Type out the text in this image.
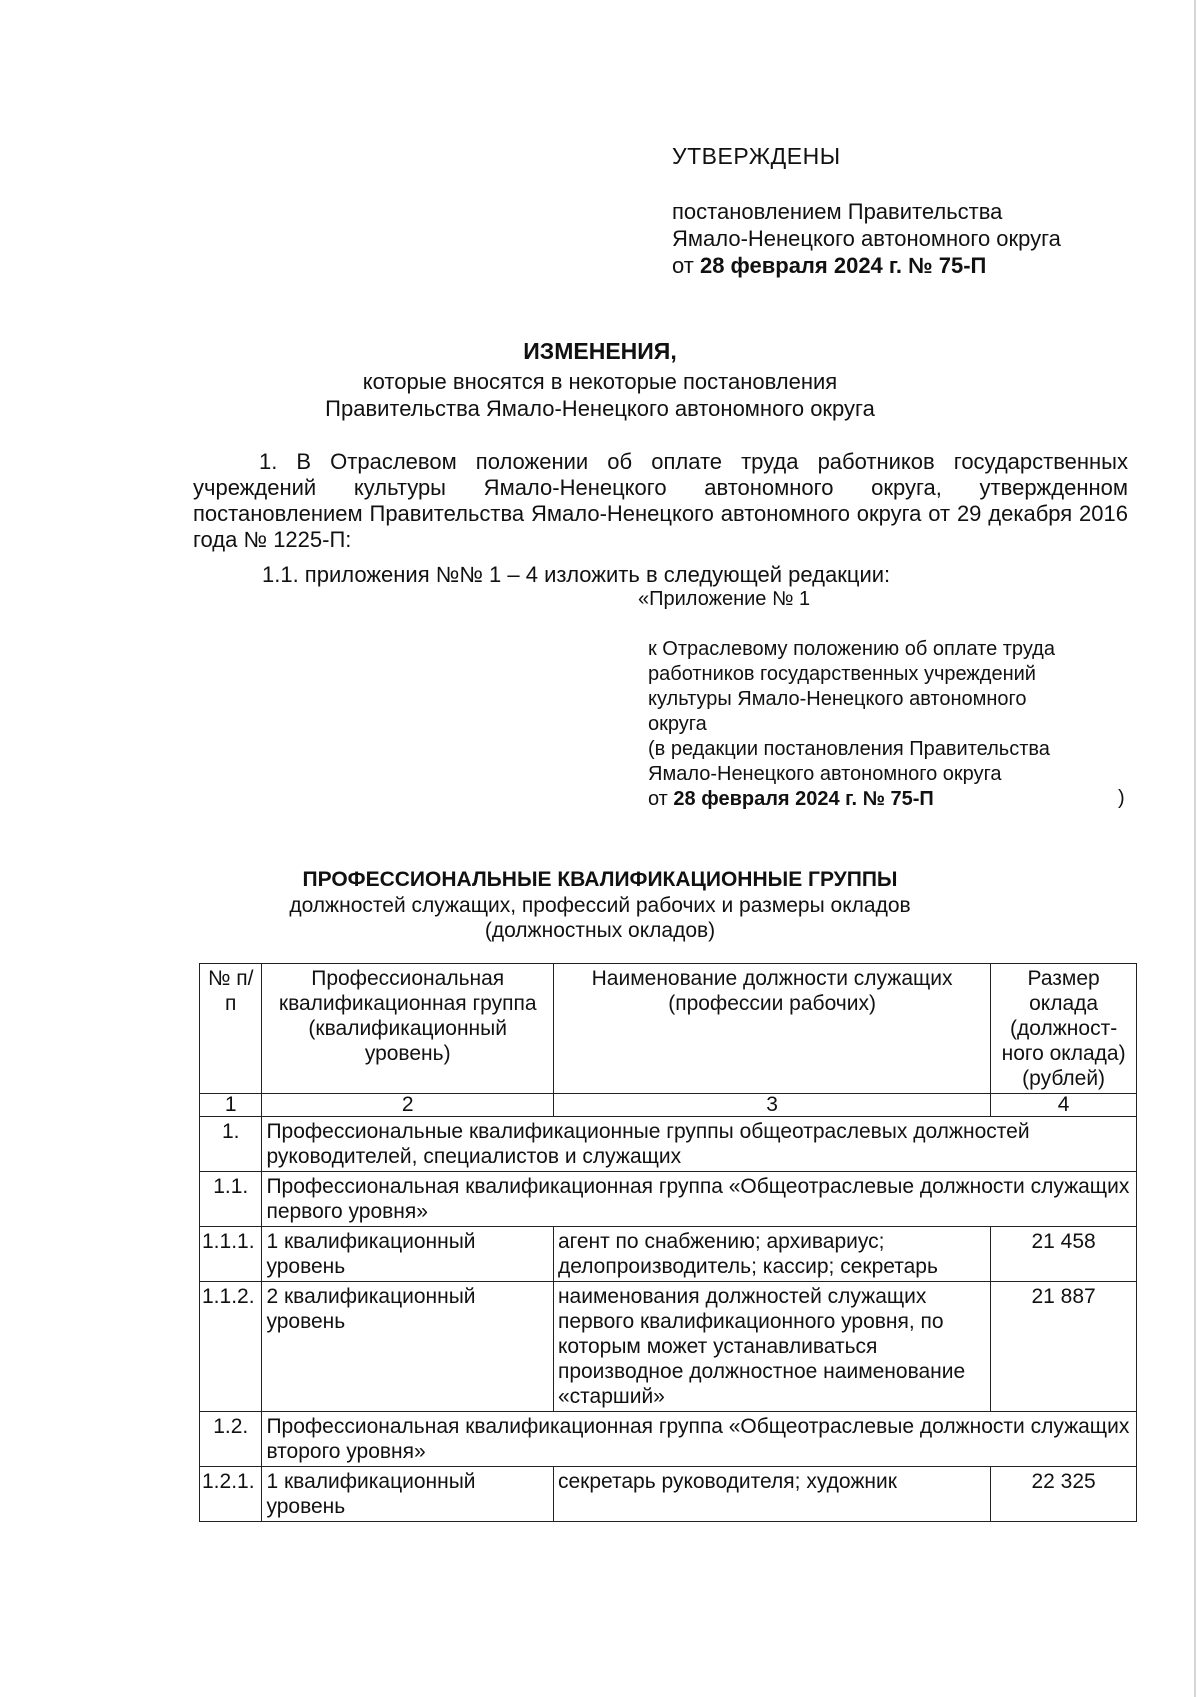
УТВЕРЖДЕНЫ
постановлением Правительства
Ямало-Ненецкого автономного округа
от 28 февраля 2024 г. № 75-П
ИЗМЕНЕНИЯ,
которые вносятся в некоторые постановления
Правительства Ямало-Ненецкого автономного округа
1. В Отраслевом положении об оплате труда работников государственных учреждений культуры Ямало-Ненецкого автономного округа, утвержденном постановлением Правительства Ямало-Ненецкого автономного округа от 29 декабря 2016 года № 1225-П:
1.1. приложения №№ 1 – 4 изложить в следующей редакции:
«Приложение № 1
к Отраслевому положению об оплате труда
работников государственных учреждений
культуры Ямало-Ненецкого автономного
округа
(в редакции постановления Правительства
Ямало-Ненецкого автономного округа
от 28 февраля 2024 г. № 75-П	)
ПРОФЕССИОНАЛЬНЫЕ КВАЛИФИКАЦИОННЫЕ ГРУППЫ
должностей служащих, профессий рабочих и размеры окладов
(должностных окладов)
№ п/п	Профессиональная квалификационная группа (квалификационный уровень)	Наименование должности служащих (профессии рабочих)	Размер оклада (должност-ного оклада) (рублей)
1	2	3	4
1.	Профессиональные квалификационные группы общеотраслевых должностей руководителей, специалистов и служащих		
1.1.	Профессиональная квалификационная группа «Общеотраслевые должности служащих первого уровня»		
1.1.1.	1 квалификационный уровень	агент по снабжению; архивариус; делопроизводитель; кассир; секретарь	21 458
1.1.2.	2 квалификационный уровень	наименования должностей служащих первого квалификационного уровня, по которым может устанавливаться производное должностное наименование «старший»	21 887
1.2.	Профессиональная квалификационная группа «Общеотраслевые должности служащих второго уровня»		
1.2.1.	1 квалификационный уровень	секретарь руководителя; художник	22 325
